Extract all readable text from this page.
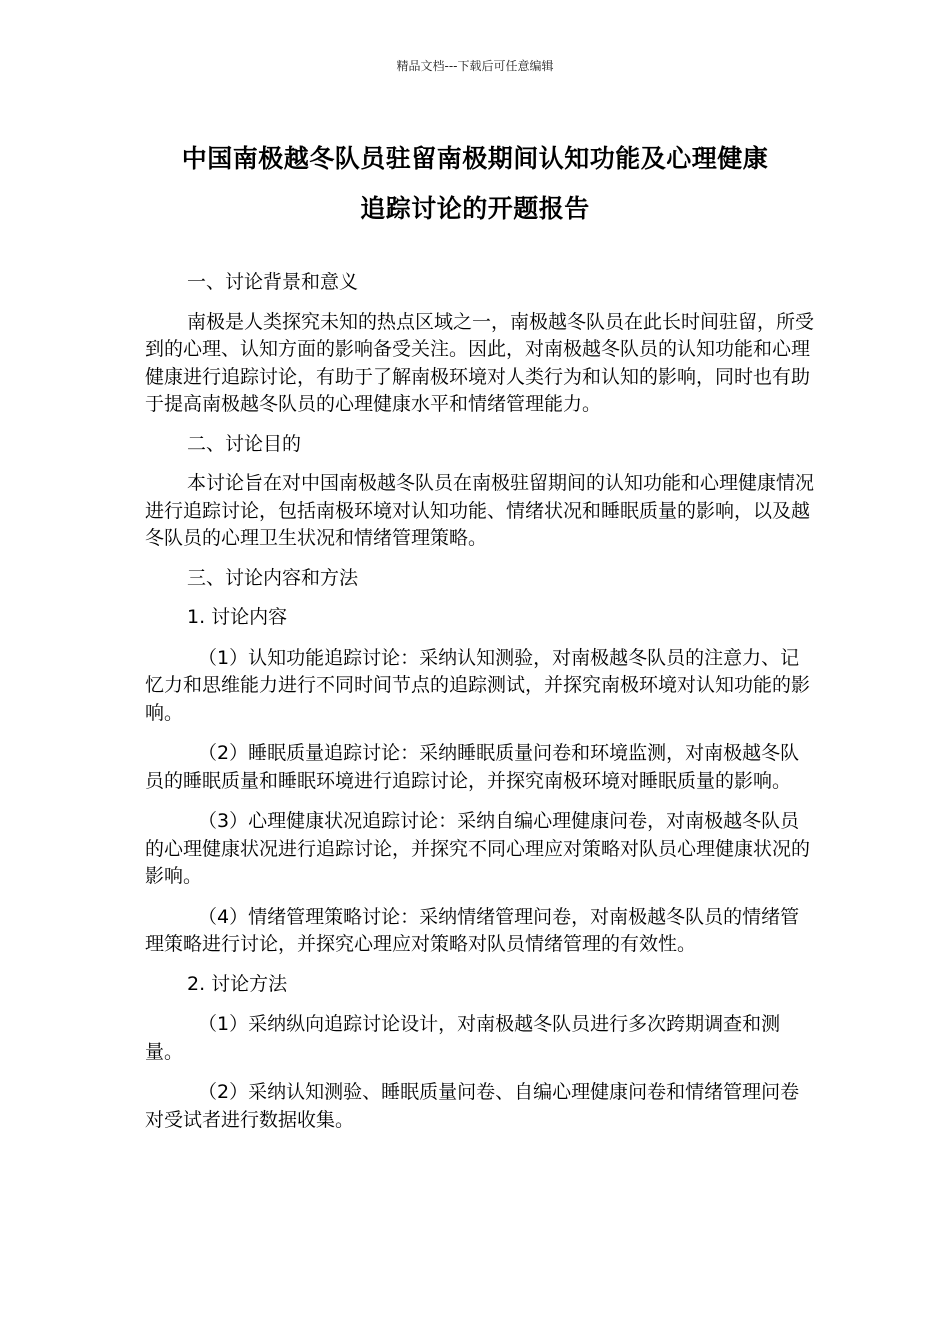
精品文档---下载后可任意编辑
中国南极越冬队员驻留南极期间认知功能及心理健康
追踪讨论的开题报告

一、讨论背景和意义

南极是人类探究未知的热点区域之一，南极越冬队员在此长时间驻留，所受到的心理、认知方面的影响备受关注。因此，对南极越冬队员的认知功能和心理健康进行追踪讨论，有助于了解南极环境对人类行为和认知的影响，同时也有助于提高南极越冬队员的心理健康水平和情绪管理能力。

二、讨论目的

本讨论旨在对中国南极越冬队员在南极驻留期间的认知功能和心理健康情况进行追踪讨论，包括南极环境对认知功能、情绪状况和睡眠质量的影响，以及越冬队员的心理卫生状况和情绪管理策略。

三、讨论内容和方法

1. 讨论内容

（1）认知功能追踪讨论：采纳认知测验，对南极越冬队员的注意力、记忆力和思维能力进行不同时间节点的追踪测试，并探究南极环境对认知功能的影响。

（2）睡眠质量追踪讨论：采纳睡眠质量问卷和环境监测，对南极越冬队员的睡眠质量和睡眠环境进行追踪讨论，并探究南极环境对睡眠质量的影响。

（3）心理健康状况追踪讨论：采纳自编心理健康问卷，对南极越冬队员的心理健康状况进行追踪讨论，并探究不同心理应对策略对队员心理健康状况的影响。

（4）情绪管理策略讨论：采纳情绪管理问卷，对南极越冬队员的情绪管理策略进行讨论，并探究心理应对策略对队员情绪管理的有效性。

2. 讨论方法

（1）采纳纵向追踪讨论设计，对南极越冬队员进行多次跨期调查和测量。

（2）采纳认知测验、睡眠质量问卷、自编心理健康问卷和情绪管理问卷对受试者进行数据收集。
